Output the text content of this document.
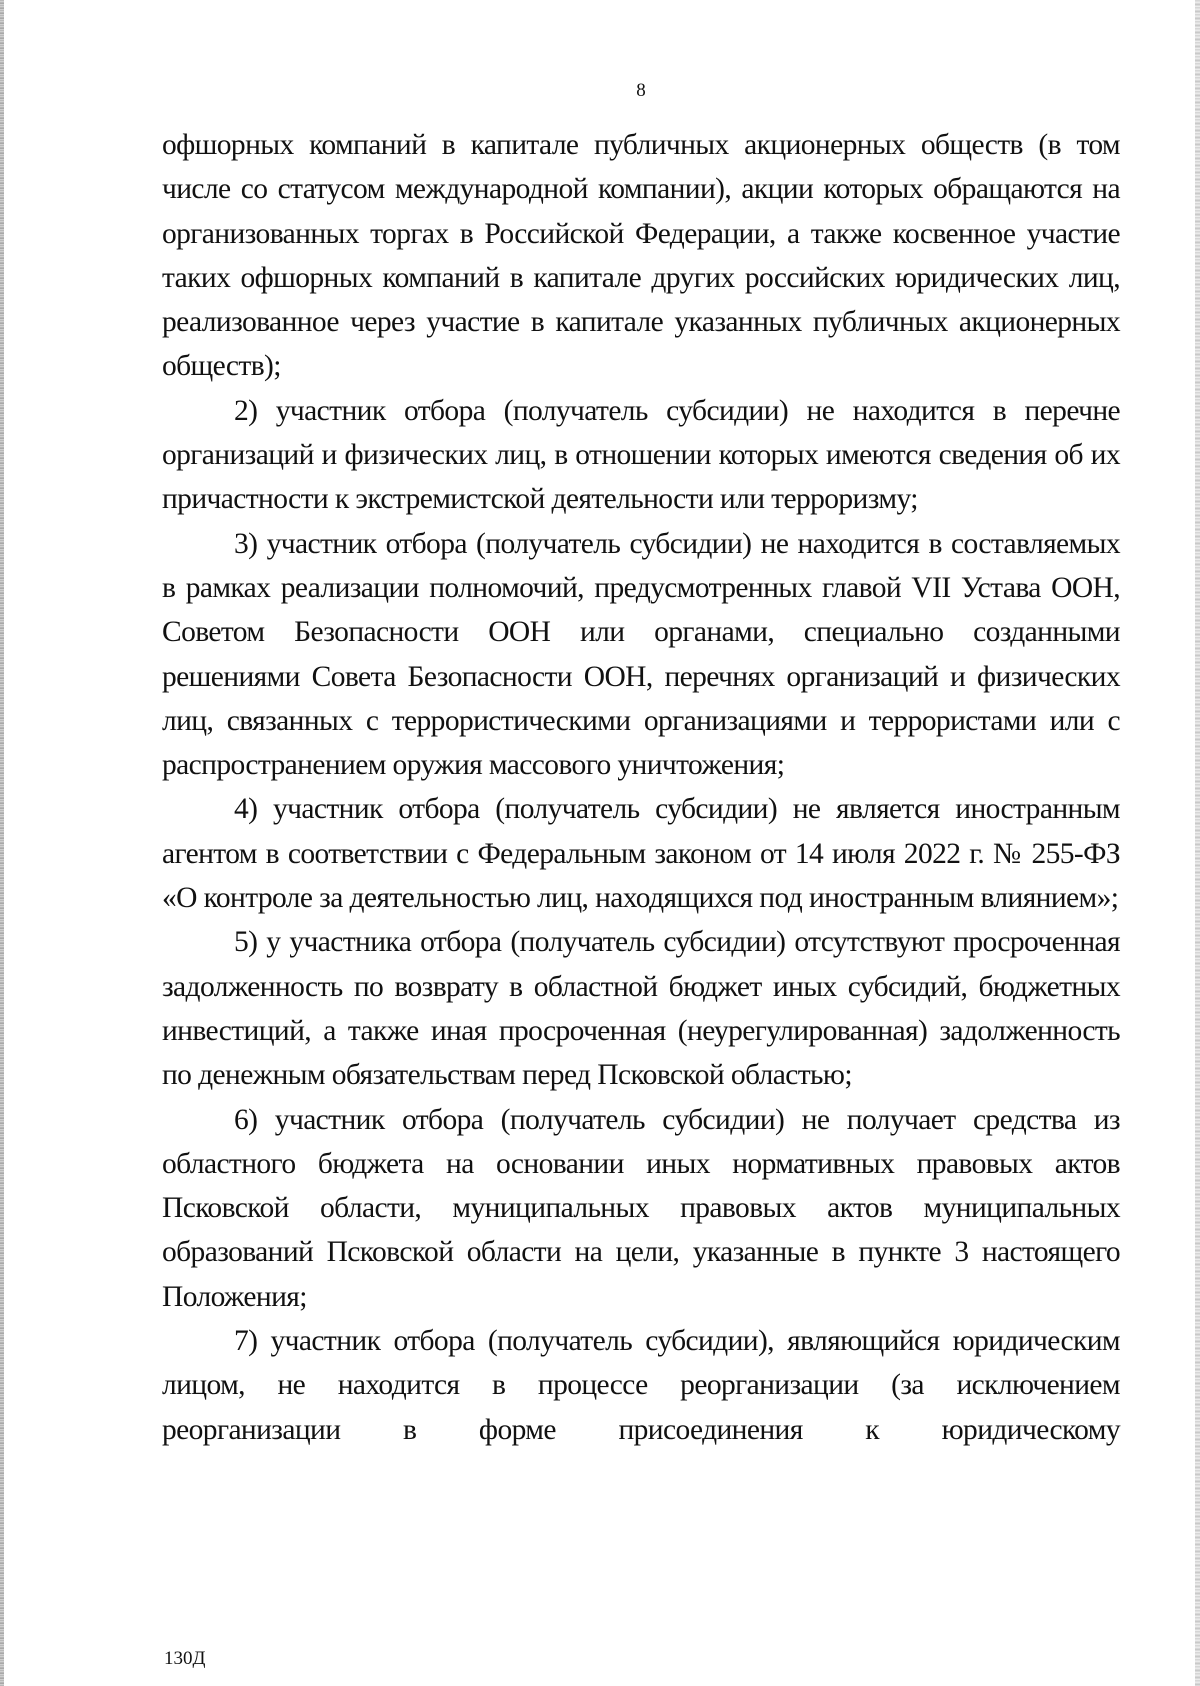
8

офшорных компаний в капитале публичных акционерных обществ (в том числе со статусом международной компании), акции которых обращаются на организованных торгах в Российской Федерации, а также косвенное участие таких офшорных компаний в капитале других российских юридических лиц, реализованное через участие в капитале указанных публичных акционерных обществ);

2) участник отбора (получатель субсидии) не находится в перечне организаций и физических лиц, в отношении которых имеются сведения об их причастности к экстремистской деятельности или терроризму;

3) участник отбора (получатель субсидии) не находится в составляемых в рамках реализации полномочий, предусмотренных главой VII Устава ООН, Советом Безопасности ООН или органами, специально созданными решениями Совета Безопасности ООН, перечнях организаций и физических лиц, связанных с террористическими организациями и террористами или с распространением оружия массового уничтожения;

4) участник отбора (получатель субсидии) не является иностранным агентом в соответствии с Федеральным законом от 14 июля 2022 г. № 255-ФЗ «О контроле за деятельностью лиц, находящихся под иностранным влиянием»;

5) у участника отбора (получатель субсидии) отсутствуют просроченная задолженность по возврату в областной бюджет иных субсидий, бюджетных инвестиций, а также иная просроченная (неурегулированная) задолженность по денежным обязательствам перед Псковской областью;

6) участник отбора (получатель субсидии) не получает средства из областного бюджета на основании иных нормативных правовых актов Псковской области, муниципальных правовых актов муниципальных образований Псковской области на цели, указанные в пункте 3 настоящего Положения;

7) участник отбора (получатель субсидии), являющийся юридическим лицом, не находится в процессе реорганизации (за исключением реорганизации в форме присоединения к юридическому

130Д
